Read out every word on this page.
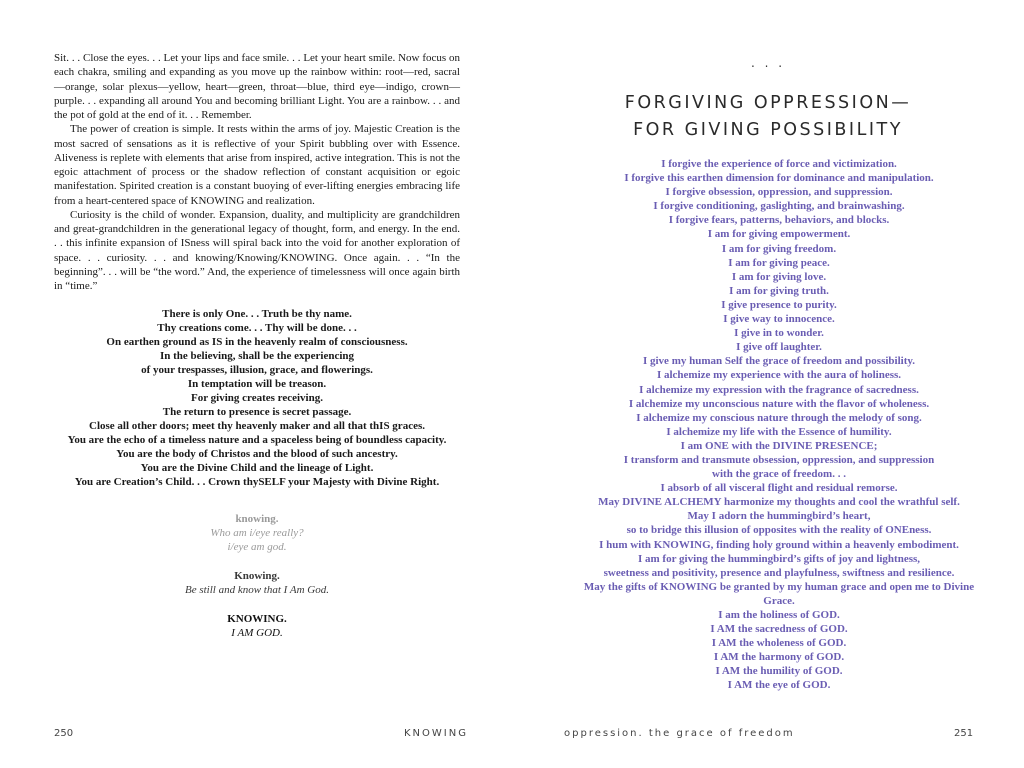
Sit. . . Close the eyes. . . Let your lips and face smile. . . Let your heart smile. Now focus on each chakra, smiling and expanding as you move up the rainbow within: root—red, sacral—orange, solar plexus—yellow, heart—green, throat—blue, third eye—indigo, crown—purple. . . expanding all around You and becoming brilliant Light. You are a rainbow. . . and the pot of gold at the end of it. . . Remember.

The power of creation is simple. It rests within the arms of joy. Majestic Creation is the most sacred of sensations as it is reflective of your Spirit bubbling over with Essence. Aliveness is replete with elements that arise from inspired, active integration. This is not the egoic attachment of process or the shadow reflection of constant acquisition or egoic manifestation. Spirited creation is a constant buoying of ever-lifting energies embracing life from a heart-centered space of KNOWING and realization.

Curiosity is the child of wonder. Expansion, duality, and multiplicity are grandchildren and great-grandchildren in the generational legacy of thought, form, and energy. In the end. . . this infinite expansion of ISness will spiral back into the void for another exploration of space. . . curiosity. . . and knowing/Knowing/KNOWING. Once again. . . “In the beginning”. . . will be “the word.” And, the experience of timelessness will once again birth in “time.”

There is only One. . . Truth be thy name.
Thy creations come. . . Thy will be done. . .
On earthen ground as IS in the heavenly realm of consciousness.
In the believing, shall be the experiencing
of your trespasses, illusion, grace, and flowerings.
In temptation will be treason.
For giving creates receiving.
The return to presence is secret passage.
Close all other doors; meet thy heavenly maker and all that thIS graces.
You are the echo of a timeless nature and a spaceless being of boundless capacity.
You are the body of Christos and the blood of such ancestry.
You are the Divine Child and the lineage of Light.
You are Creation’s Child. . . Crown thySELF your Majesty with Divine Right.
knowing.
Who am i/eye really?
i/eye am god.
Knowing.
Be still and know that I Am God.
KNOWING.
I AM GOD.
250	KNOWING
. . .
FORGIVING OPPRESSION—
FOR GIVING POSSIBILITY
I forgive the experience of force and victimization.
I forgive this earthen dimension for dominance and manipulation.
I forgive obsession, oppression, and suppression.
I forgive conditioning, gaslighting, and brainwashing.
I forgive fears, patterns, behaviors, and blocks.
I am for giving empowerment.
I am for giving freedom.
I am for giving peace.
I am for giving love.
I am for giving truth.
I give presence to purity.
I give way to innocence.
I give in to wonder.
I give off laughter.
I give my human Self the grace of freedom and possibility.
I alchemize my experience with the aura of holiness.
I alchemize my expression with the fragrance of sacredness.
I alchemize my unconscious nature with the flavor of wholeness.
I alchemize my conscious nature through the melody of song.
I alchemize my life with the Essence of humility.
I am ONE with the DIVINE PRESENCE;
I transform and transmute obsession, oppression, and suppression
with the grace of freedom. . .
I absorb of all visceral flight and residual remorse.
May DIVINE ALCHEMY harmonize my thoughts and cool the wrathful self.
May I adorn the hummingbird’s heart,
so to bridge this illusion of opposites with the reality of ONEness.
I hum with KNOWING, finding holy ground within a heavenly embodiment.
I am for giving the hummingbird’s gifts of joy and lightness,
sweetness and positivity, presence and playfulness, swiftness and resilience.
May the gifts of KNOWING be granted by my human grace and open me to Divine
Grace.
I am the holiness of GOD.
I AM the sacredness of GOD.
I AM the wholeness of GOD.
I AM the harmony of GOD.
I AM the humility of GOD.
I AM the eye of GOD.
oppression. the grace of freedom	251
